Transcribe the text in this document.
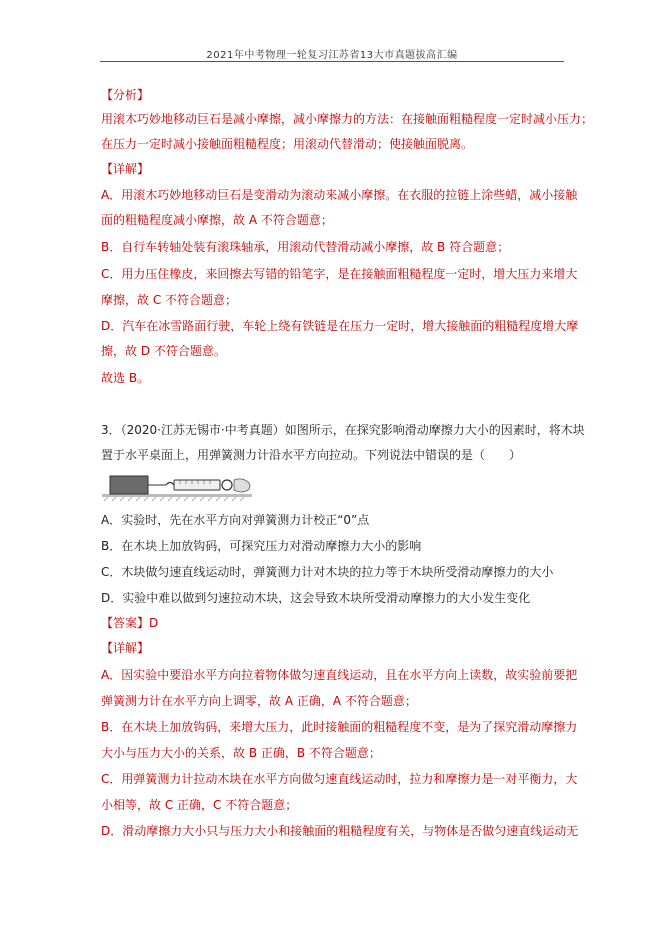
2021年中考物理一轮复习江苏省13大市真题拔高汇编
【分析】
用滚木巧妙地移动巨石是减小摩擦，减小摩擦力的方法：在接触面粗糙程度一定时减小压力；
在压力一定时减小接触面粗糙程度；用滚动代替滑动；使接触面脱离。
【详解】
A．用滚木巧妙地移动巨石是变滑动为滚动来减小摩擦。在衣服的拉链上涂些蜡，减小接触
面的粗糙程度减小摩擦，故 A 不符合题意；
B．自行车转轴处装有滚珠轴承，用滚动代替滑动减小摩擦，故 B 符合题意；
C．用力压住橡皮，来回擦去写错的铅笔字，是在接触面粗糙程度一定时，增大压力来增大
摩擦，故 C 不符合题意；
D．汽车在冰雪路面行驶，车轮上绕有铁链是在压力一定时，增大接触面的粗糙程度增大摩
擦，故 D 不符合题意。
故选 B。
3．（2020·江苏无锡市·中考真题）如图所示，在探究影响滑动摩擦力大小的因素时，将木块
置于水平桌面上，用弹簧测力计沿水平方向拉动。下列说法中错误的是（　　）
A．实验时，先在水平方向对弹簧测力计校正“0”点
B．在木块上加放钩码，可探究压力对滑动摩擦力大小的影响
C．木块做匀速直线运动时，弹簧测力计对木块的拉力等于木块所受滑动摩擦力的大小
D．实验中难以做到匀速拉动木块，这会导致木块所受滑动摩擦力的大小发生变化
【答案】D
【详解】
A．因实验中要沿水平方向拉着物体做匀速直线运动，且在水平方向上读数，故实验前要把
弹簧测力计在水平方向上调零，故 A 正确，A 不符合题意；
B．在木块上加放钩码，来增大压力，此时接触面的粗糙程度不变，是为了探究滑动摩擦力
大小与压力大小的关系，故 B 正确，B 不符合题意；
C．用弹簧测力计拉动木块在水平方向做匀速直线运动时，拉力和摩擦力是一对平衡力，大
小相等，故 C 正确，C 不符合题意；
D．滑动摩擦力大小只与压力大小和接触面的粗糙程度有关，与物体是否做匀速直线运动无
